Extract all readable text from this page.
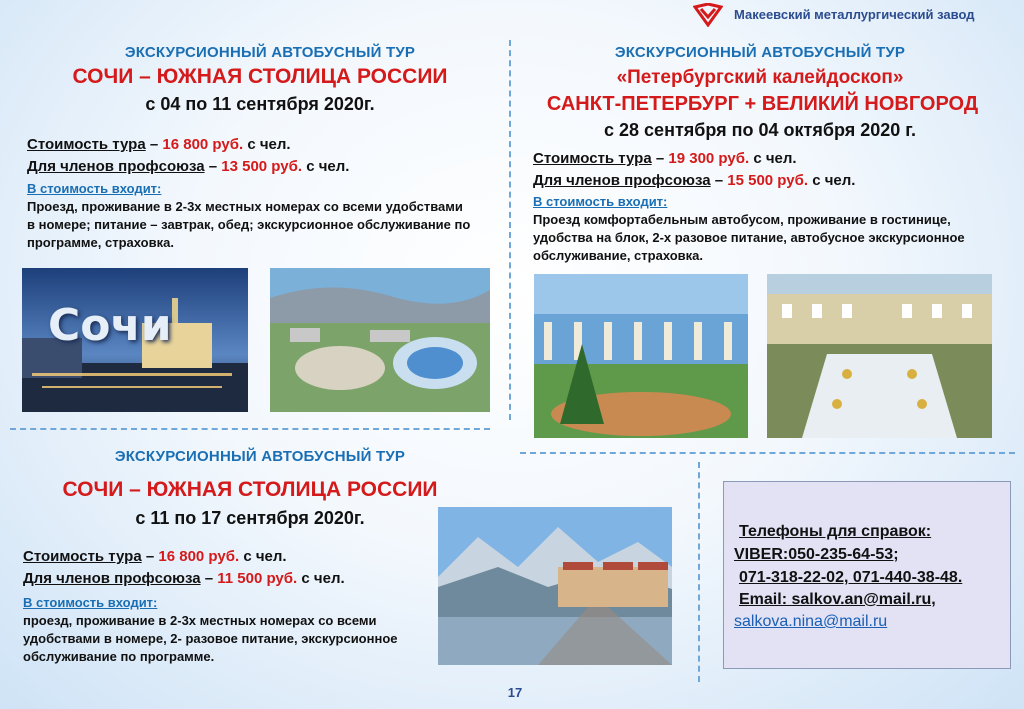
Макеевский металлургический завод
ЭКСКУРСИОННЫЙ АВТОБУСНЫЙ ТУР
СОЧИ – ЮЖНАЯ СТОЛИЦА РОССИИ
с 04 по 11 сентября 2020г.
Стоимость тура – 16 800 руб. с чел.
Для членов профсоюза – 13 500 руб. с чел.
В стоимость входит:
Проезд, проживание в 2-3х местных номерах со всеми удобствами в номере; питание – завтрак, обед; экскурсионное обслуживание по программе, страховка.
Сочи
ЭКСКУРСИОННЫЙ АВТОБУСНЫЙ ТУР
«Петербургский калейдоскоп»
САНКТ-ПЕТЕРБУРГ + ВЕЛИКИЙ НОВГОРОД
с 28 сентября по 04 октября 2020 г.
Стоимость тура – 19 300 руб. с чел.
Для членов профсоюза – 15 500 руб. с чел.
В стоимость входит:
Проезд комфортабельным автобусом, проживание в гостинице, удобства на блок, 2-х разовое питание, автобусное экскурсионное обслуживание, страховка.
ЭКСКУРСИОННЫЙ АВТОБУСНЫЙ ТУР
СОЧИ – ЮЖНАЯ СТОЛИЦА РОССИИ
с 11 по 17 сентября 2020г.
Стоимость тура – 16 800 руб. с чел.
Для членов профсоюза – 11 500 руб. с чел.
В стоимость входит:
проезд, проживание в 2-3х местных номерах со всеми удобствами в номере, 2- разовое питание, экскурсионное обслуживание по программе.
Телефоны для справок:
VIBER:050-235-64-53;
071-318-22-02, 071-440-38-48.
Email: salkov.an@mail.ru,
salkova.nina@mail.ru
17
